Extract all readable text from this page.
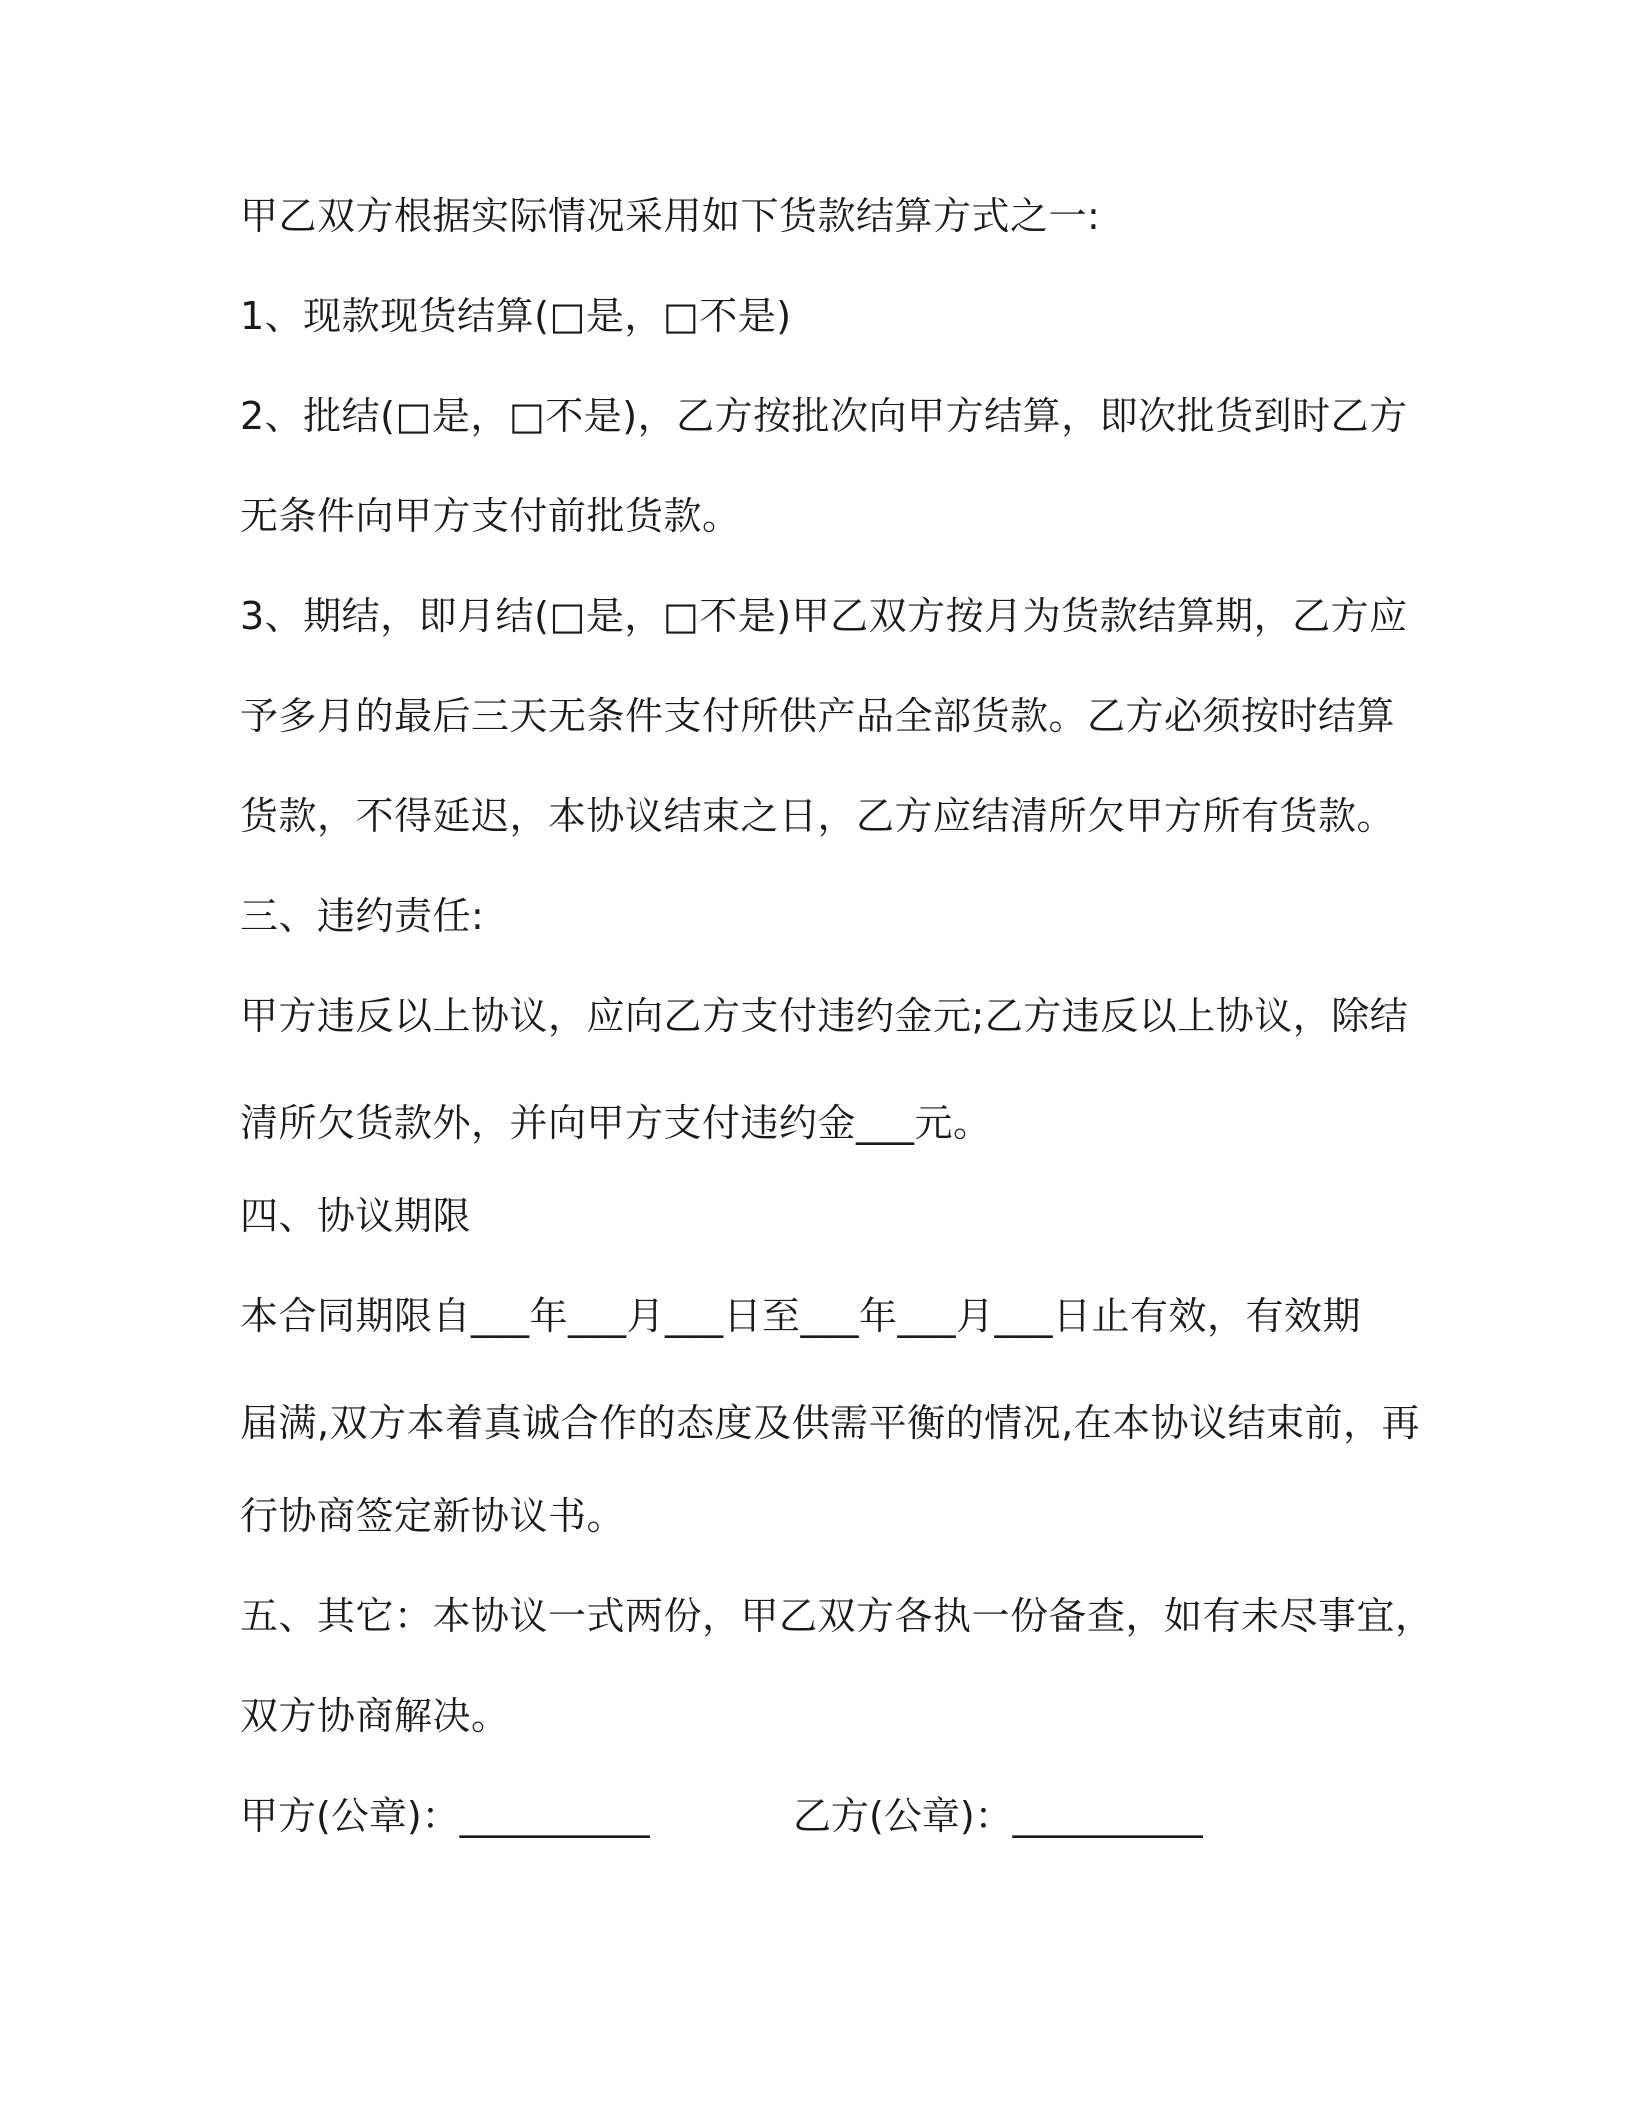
甲乙双方根据实际情况采用如下货款结算方式之一:
1、现款现货结算(□是，□不是)
2、批结(□是，□不是)，乙方按批次向甲方结算，即次批货到时乙方
无条件向甲方支付前批货款。
3、期结，即月结(□是，□不是)甲乙双方按月为货款结算期，乙方应
予多月的最后三天无条件支付所供产品全部货款。乙方必须按时结算
货款，不得延迟，本协议结束之日，乙方应结清所欠甲方所有货款。
三、违约责任:
甲方违反以上协议，应向乙方支付违约金元;乙方违反以上协议，除结
清所欠货款外，并向甲方支付违约金___元。
四、协议期限
本合同期限自___年___月___日至___年___月___日止有效，有效期
届满,双方本着真诚合作的态度及供需平衡的情况,在本协议结束前，再
行协商签定新协议书。
五、其它：本协议一式两份，甲乙双方各执一份备查，如有未尽事宜，
双方协商解决。
甲方(公章)：__________	乙方(公章)：__________
